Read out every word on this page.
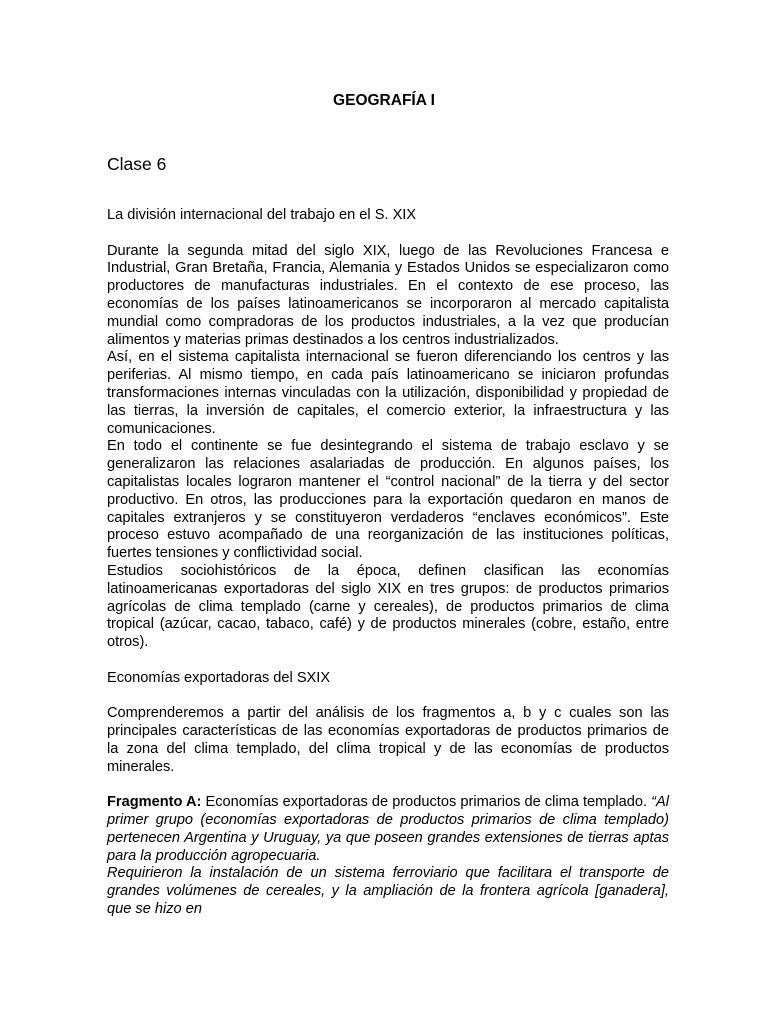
GEOGRAFÍA I
Clase 6

La división internacional del trabajo en el S. XIX

Durante la segunda mitad del siglo XIX, luego de las Revoluciones Francesa e Industrial, Gran Bretaña, Francia, Alemania y Estados Unidos se especializaron como productores de manufacturas industriales. En el contexto de ese proceso, las economías de los países latinoamericanos se incorporaron al mercado capitalista mundial como compradoras de los productos industriales, a la vez que producían alimentos y materias primas destinados a los centros industrializados.

Así, en el sistema capitalista internacional se fueron diferenciando los centros y las periferias. Al mismo tiempo, en cada país latinoamericano se iniciaron profundas transformaciones internas vinculadas con la utilización, disponibilidad y propiedad de las tierras, la inversión de capitales, el comercio exterior, la infraestructura y las comunicaciones.

En todo el continente se fue desintegrando el sistema de trabajo esclavo y se generalizaron las relaciones asalariadas de producción. En algunos países, los capitalistas locales lograron mantener el “control nacional” de la tierra y del sector productivo. En otros, las producciones para la exportación quedaron en manos de capitales extranjeros y se constituyeron verdaderos “enclaves económicos”. Este proceso estuvo acompañado de una reorganización de las instituciones políticas, fuertes tensiones y conflictividad social.

Estudios sociohistóricos de la época, definen clasifican las economías latinoamericanas exportadoras del siglo XIX en tres grupos: de productos primarios agrícolas de clima templado (carne y cereales), de productos primarios de clima tropical (azúcar, cacao, tabaco, café) y de productos minerales (cobre, estaño, entre otros).

Economías exportadoras del SXIX

Comprenderemos a partir del análisis de los fragmentos a, b y c cuales son las principales características de las economías exportadoras de productos primarios de la zona del clima templado, del clima tropical y de las economías de productos minerales.

Fragmento A: Economías exportadoras de productos primarios de clima templado. “Al primer grupo (economías exportadoras de productos primarios de clima templado) pertenecen Argentina y Uruguay, ya que poseen grandes extensiones de tierras aptas para la producción agropecuaria.

Requirieron la instalación de un sistema ferroviario que facilitara el transporte de grandes volúmenes de cereales, y la ampliación de la frontera agrícola [ganadera], que se hizo en
